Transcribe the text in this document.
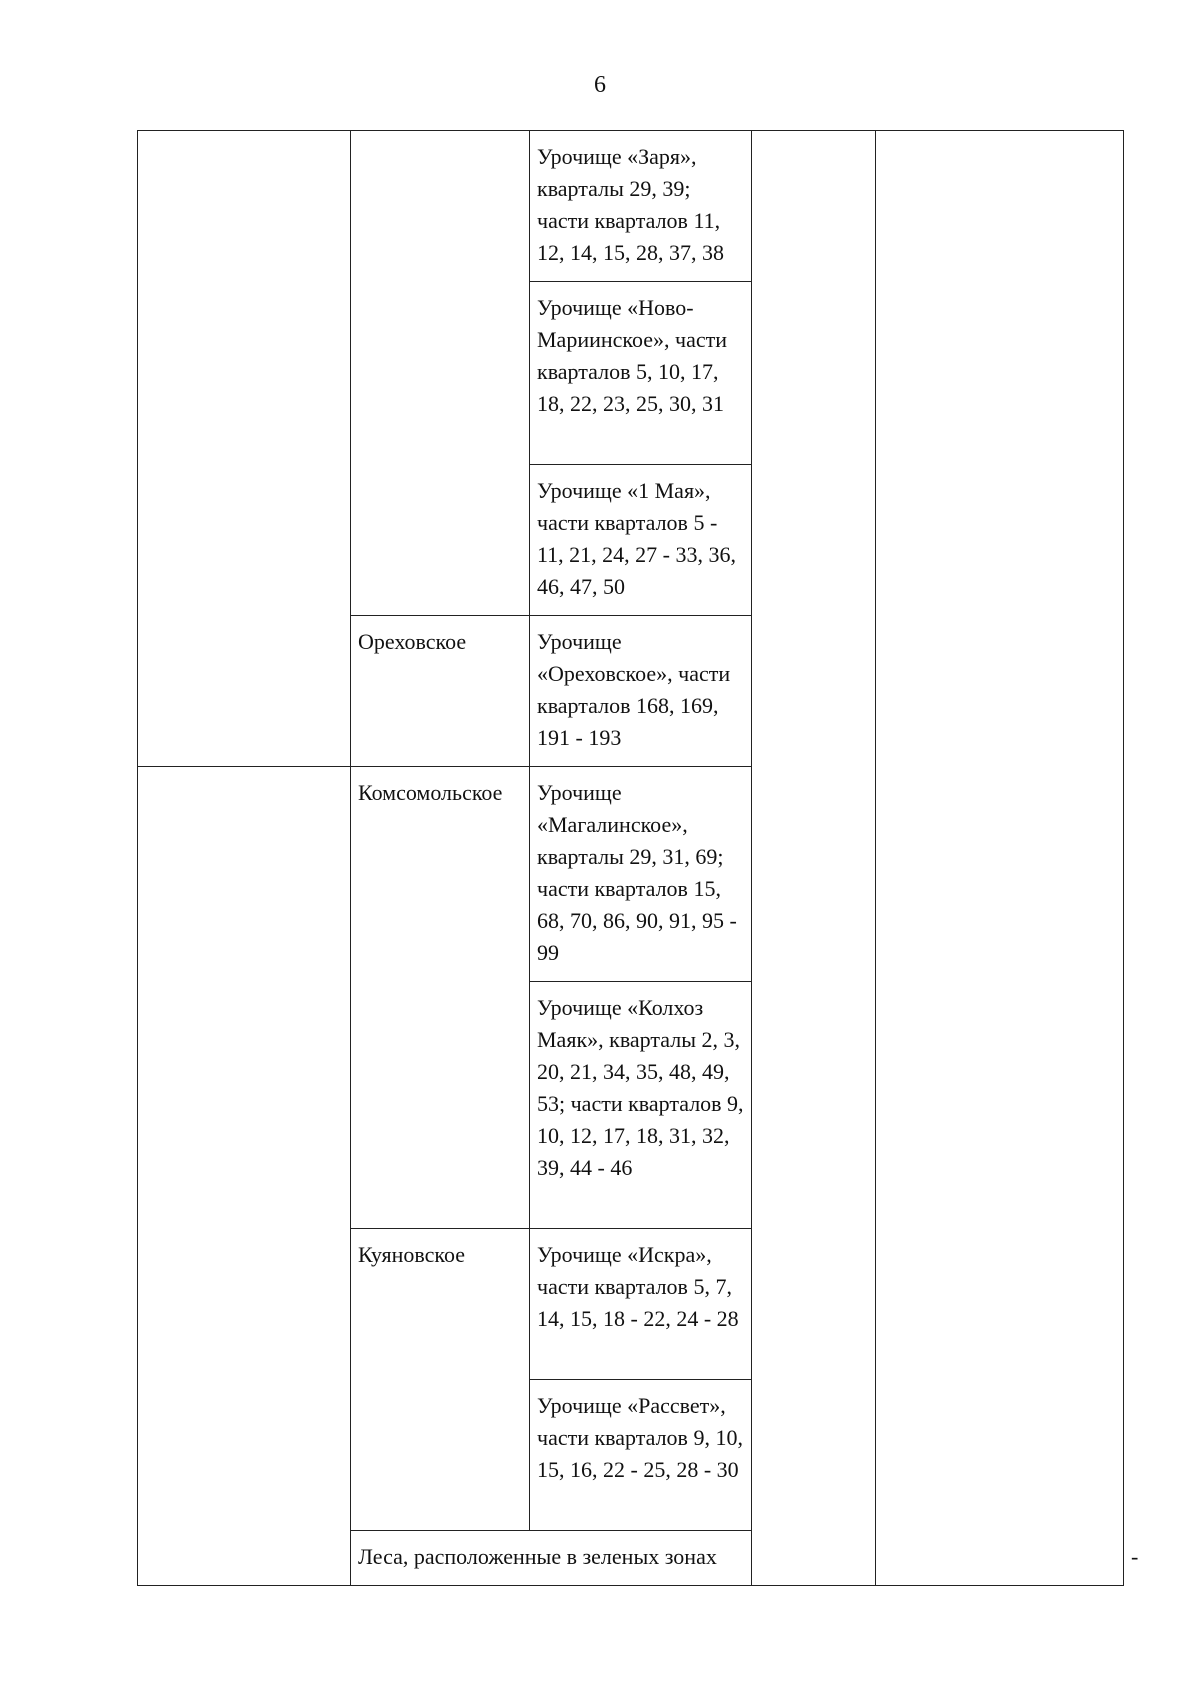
6
		Урочище «Заря», кварталы 29, 39; части кварталов 11, 12, 14, 15, 28, 37, 38			
		Урочище «Ново-Мариинское», части кварталов 5, 10, 17, 18, 22, 23, 25, 30, 31			
		Урочище «1 Мая», части кварталов 5 - 11, 21, 24, 27 - 33, 36, 46, 47, 50			
	Ореховское	Урочище «Ореховское», части кварталов 168, 169, 191 - 193			
	Комсомольское	Урочище «Магалинское», кварталы 29, 31, 69; части кварталов 15, 68, 70, 86, 90, 91, 95 - 99			
		Урочище «Колхоз Маяк», кварталы 2, 3, 20, 21, 34, 35, 48, 49, 53; части кварталов 9, 10, 12, 17, 18, 31, 32, 39, 44 - 46			
	Куяновское	Урочище «Искра», части кварталов 5, 7, 14, 15, 18 - 22, 24 - 28			
		Урочище «Рассвет», части кварталов 9, 10, 15, 16, 22 - 25, 28 - 30			
	Леса, расположенные в зеленых зонах				-	
